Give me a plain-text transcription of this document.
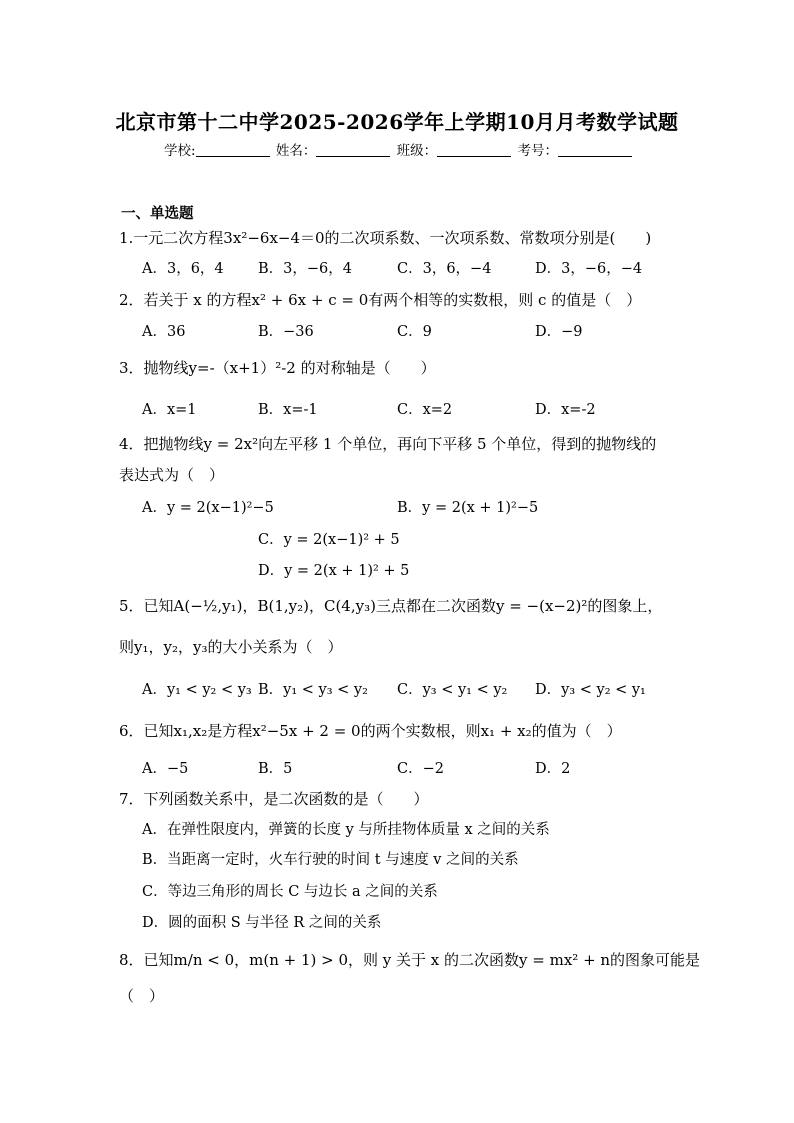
北京市第十二中学2025-2026学年上学期10月月考数学试题
学校:	姓名：	班级：	考号：
一、单选题
1.一元二次方程3x²−6x−4＝0的二次项系数、一次项系数、常数项分别是(　　)
A．3，6，4 B．3，−6，4	C．3，6，−4	D．3，−6，−4
2．若关于 x 的方程x² + 6x + c = 0有两个相等的实数根，则 c 的值是（　）
A．36	B．−36	C．9	D．−9
3．抛物线y=-（x+1）²-2 的对称轴是（　　）
A．x=1	B．x=-1	C．x=2	D．x=-2
4．把抛物线y = 2x²向左平移 1 个单位，再向下平移 5 个单位，得到的抛物线的
表达式为（　）
A．y = 2(x−1)²−5	B．y = 2(x + 1)²−5
C．y = 2(x−1)² + 5
D．y = 2(x + 1)² + 5
5．已知A(−½,y₁)，B(1,y₂)，C(4,y₃)三点都在二次函数y = −(x−2)²的图象上，
则y₁，y₂，y₃的大小关系为（　）
A．y₁ < y₂ < y₃ B．y₁ < y₃ < y₂ C．y₃ < y₁ < y₂ D．y₃ < y₂ < y₁
6．已知x₁,x₂是方程x²−5x + 2 = 0的两个实数根，则x₁ + x₂的值为（　）
A．−5	B．5	C．−2	D．2
7．下列函数关系中，是二次函数的是（　　）
A．在弹性限度内，弹簧的长度 y 与所挂物体质量 x 之间的关系
B．当距离一定时，火车行驶的时间 t 与速度 v 之间的关系
C．等边三角形的周长 C 与边长 a 之间的关系
D．圆的面积 S 与半径 R 之间的关系
8．已知m/n < 0，m(n + 1) > 0，则 y 关于 x 的二次函数y = mx² + n的图象可能是
（　）
